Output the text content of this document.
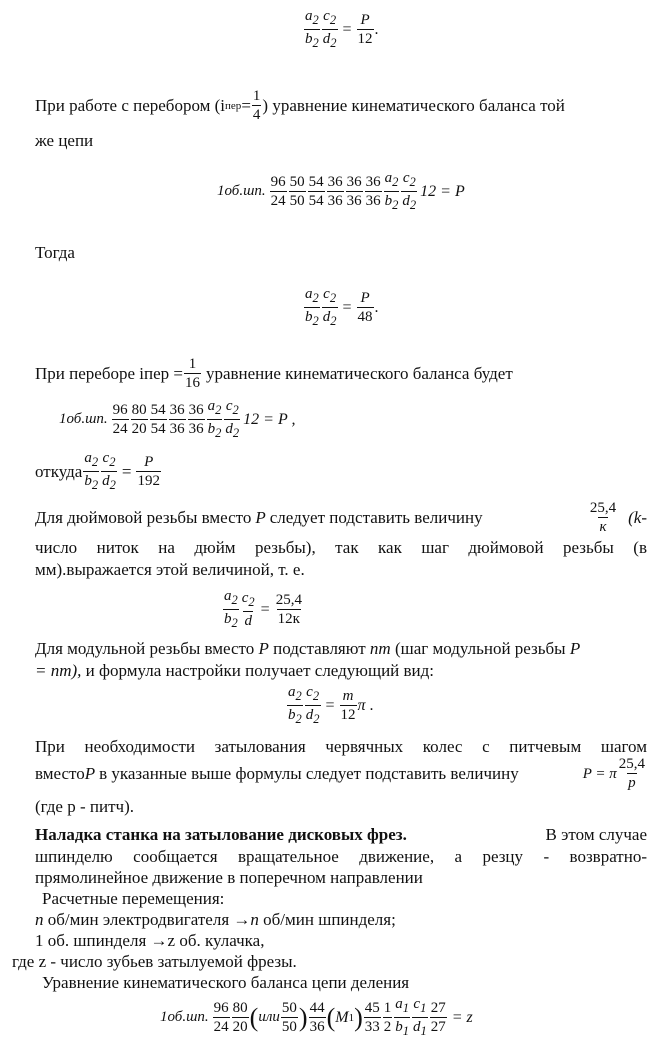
$\frac{a_2}{b_2} \frac{c_2}{d_2} = \frac{P}{12}$ .
При работе с перебором (i пер = $\frac{1}{4}$ ) уравнение кинематического баланса той
же цепи
1об.шп. $\frac{96}{24} \frac{50}{50} \frac{54}{54} \frac{36}{36} \frac{36}{36} \frac{36}{36} \frac{a_2}{b_2} \frac{c_2}{d_2} 12 = P$
Тогда
$\frac{a_2}{b_2} \frac{c_2}{d_2} = \frac{P}{48}$ .
При переборе iпер = $\frac{1}{16}$ уравнение кинематического баланса будет
1об.шп. $\frac{96}{24} \frac{80}{20} \frac{54}{54} \frac{36}{36} \frac{36}{36} \frac{a_2}{b_2} \frac{c_2}{d_2} 12 = P$ ,
откуда $\frac{a_2}{b_2} \frac{c_2}{d_2} = \frac{P}{192}$
Для дюймовой резьбы вместо P следует подставить величину	$\frac{25,4}{к} (k-$
число ниток на дюйм резьбы), так как шаг дюймовой резьбы (в
мм).выражается этой величиной, т. е.
$\frac{a_2}{b_2} \frac{c_2}{d} = \frac{25,4}{12к}$
Для модульной резьбы вместо P подставляют nm (шаг модульной резьбы P
= nm), и формула настройки получает следующий вид:
$\frac{a_2}{b_2} \frac{c_2}{d_2} = \frac{m}{12}$ π .
При необходимости затылования червячных колес с питчевым шагом
вместо P в указанные выше формулы следует подставить величину	P = π $\frac{25,4}{p}$
(где p - питч).
Наладка станка на затылование дисковых фрез.	В этом случае
шпинделю сообщается вращательное движение, а резцу - возвратно-
прямолинейное движение в поперечном направлении
Расчетные перемещения:
n об/мин электродвигателя →n об/мин шпинделя;
1 об. шпинделя →z об. кулачка,
где z - число зубьев затылуемой фрезы.
Уравнение кинематического баланса цепи деления
1об.шп. $\frac{96}{24} \frac{80}{20}$ ( или $\frac{50}{50}$ ) $\frac{44}{36}$ ( M 1 ) $\frac{45}{33} \frac{1}{2} \frac{a_1}{b_1} \frac{c_1}{d_1} \frac{27}{27} = z$
